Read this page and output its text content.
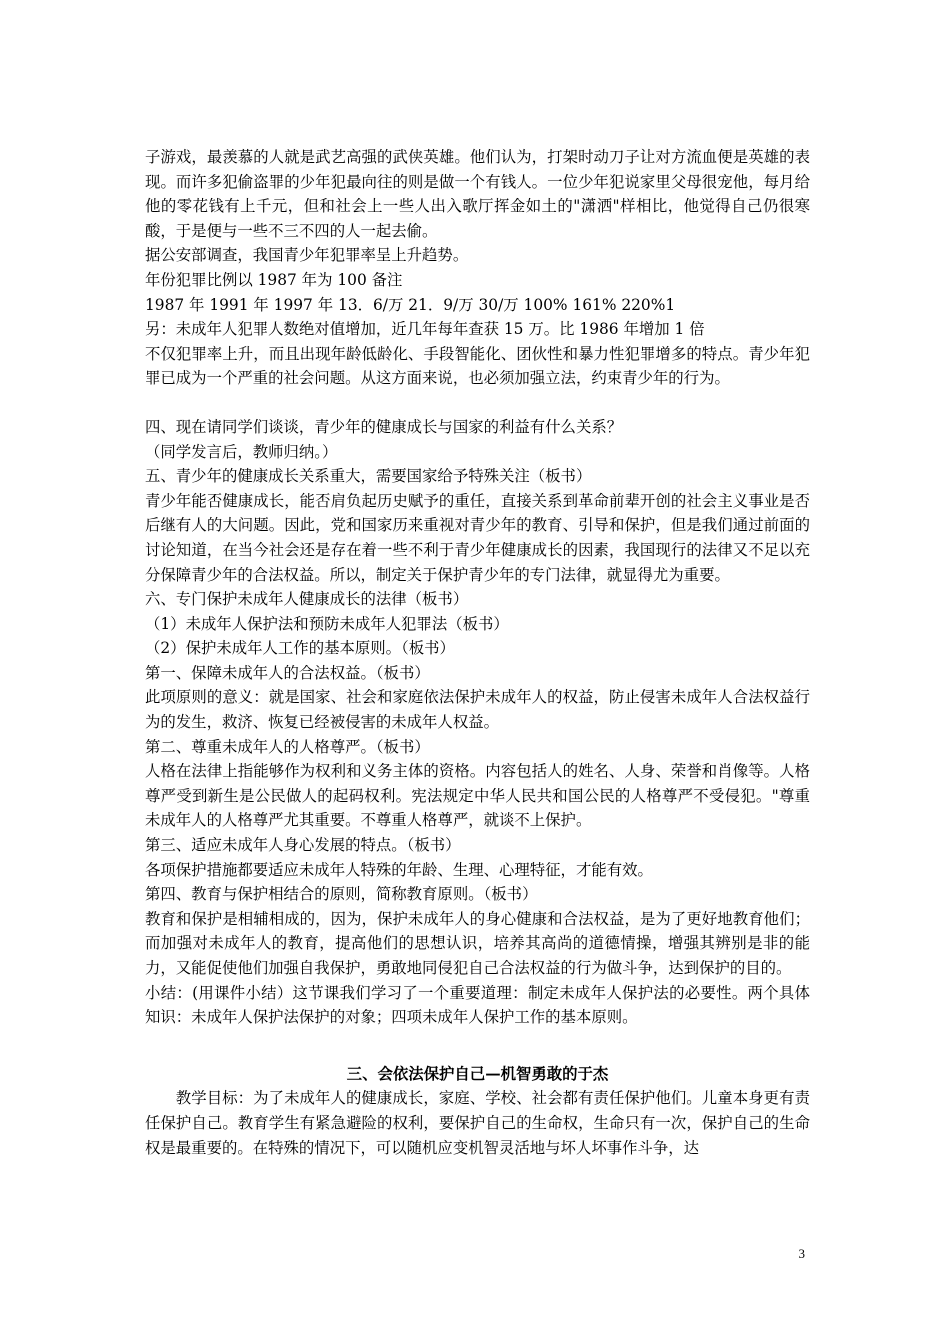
子游戏，最羡慕的人就是武艺高强的武侠英雄。他们认为，打架时动刀子让对方流血便是英雄的表现。而许多犯偷盗罪的少年犯最向往的则是做一个有钱人。一位少年犯说家里父母很宠他，每月给他的零花钱有上千元，但和社会上一些人出入歌厅挥金如土的"潇洒"样相比，他觉得自己仍很寒酸，于是便与一些不三不四的人一起去偷。

据公安部调查，我国青少年犯罪率呈上升趋势。

年份犯罪比例以 1987 年为 100 备注

1987 年 1991 年 1997 年 13．6/万 21．9/万 30/万 100% 161% 220%1

另：未成年人犯罪人数绝对值增加，近几年每年查获 15 万。比 1986 年增加 1 倍

不仅犯罪率上升，而且出现年龄低龄化、手段智能化、团伙性和暴力性犯罪增多的特点。青少年犯罪已成为一个严重的社会问题。从这方面来说，也必须加强立法，约束青少年的行为。

四、现在请同学们谈谈，青少年的健康成长与国家的利益有什么关系？

（同学发言后，教师归纳。）

五、青少年的健康成长关系重大，需要国家给予特殊关注（板书）

青少年能否健康成长，能否肩负起历史赋予的重任，直接关系到革命前辈开创的社会主义事业是否后继有人的大问题。因此，党和国家历来重视对青少年的教育、引导和保护，但是我们通过前面的讨论知道，在当今社会还是存在着一些不利于青少年健康成长的因素，我国现行的法律又不足以充分保障青少年的合法权益。所以，制定关于保护青少年的专门法律，就显得尤为重要。

六、专门保护未成年人健康成长的法律（板书）

（1）未成年人保护法和预防未成年人犯罪法（板书）

（2）保护未成年人工作的基本原则。（板书）

第一、保障未成年人的合法权益。（板书）

此项原则的意义：就是国家、社会和家庭依法保护未成年人的权益，防止侵害未成年人合法权益行为的发生，救济、恢复已经被侵害的未成年人权益。

第二、尊重未成年人的人格尊严。（板书）

人格在法律上指能够作为权利和义务主体的资格。内容包括人的姓名、人身、荣誉和肖像等。人格尊严受到新生是公民做人的起码权利。宪法规定中华人民共和国公民的人格尊严不受侵犯。"尊重未成年人的人格尊严尤其重要。不尊重人格尊严，就谈不上保护。

第三、适应未成年人身心发展的特点。（板书）

各项保护措施都要适应未成年人特殊的年龄、生理、心理特征，才能有效。

第四、教育与保护相结合的原则，简称教育原则。（板书）

教育和保护是相辅相成的，因为，保护未成年人的身心健康和合法权益，是为了更好地教育他们；而加强对未成年人的教育，提高他们的思想认识，培养其高尚的道德情操，增强其辨别是非的能力，又能促使他们加强自我保护，勇敢地同侵犯自己合法权益的行为做斗争，达到保护的目的。

小结：(用课件小结）这节课我们学习了一个重要道理：制定未成年人保护法的必要性。两个具体知识：未成年人保护法保护的对象；四项未成年人保护工作的基本原则。

三、会依法保护自己—机智勇敢的于杰

教学目标：为了未成年人的健康成长，家庭、学校、社会都有责任保护他们。儿童本身更有责任保护自己。教育学生有紧急避险的权利，要保护自己的生命权，生命只有一次，保护自己的生命权是最重要的。在特殊的情况下，可以随机应变机智灵活地与坏人坏事作斗争，达

3
